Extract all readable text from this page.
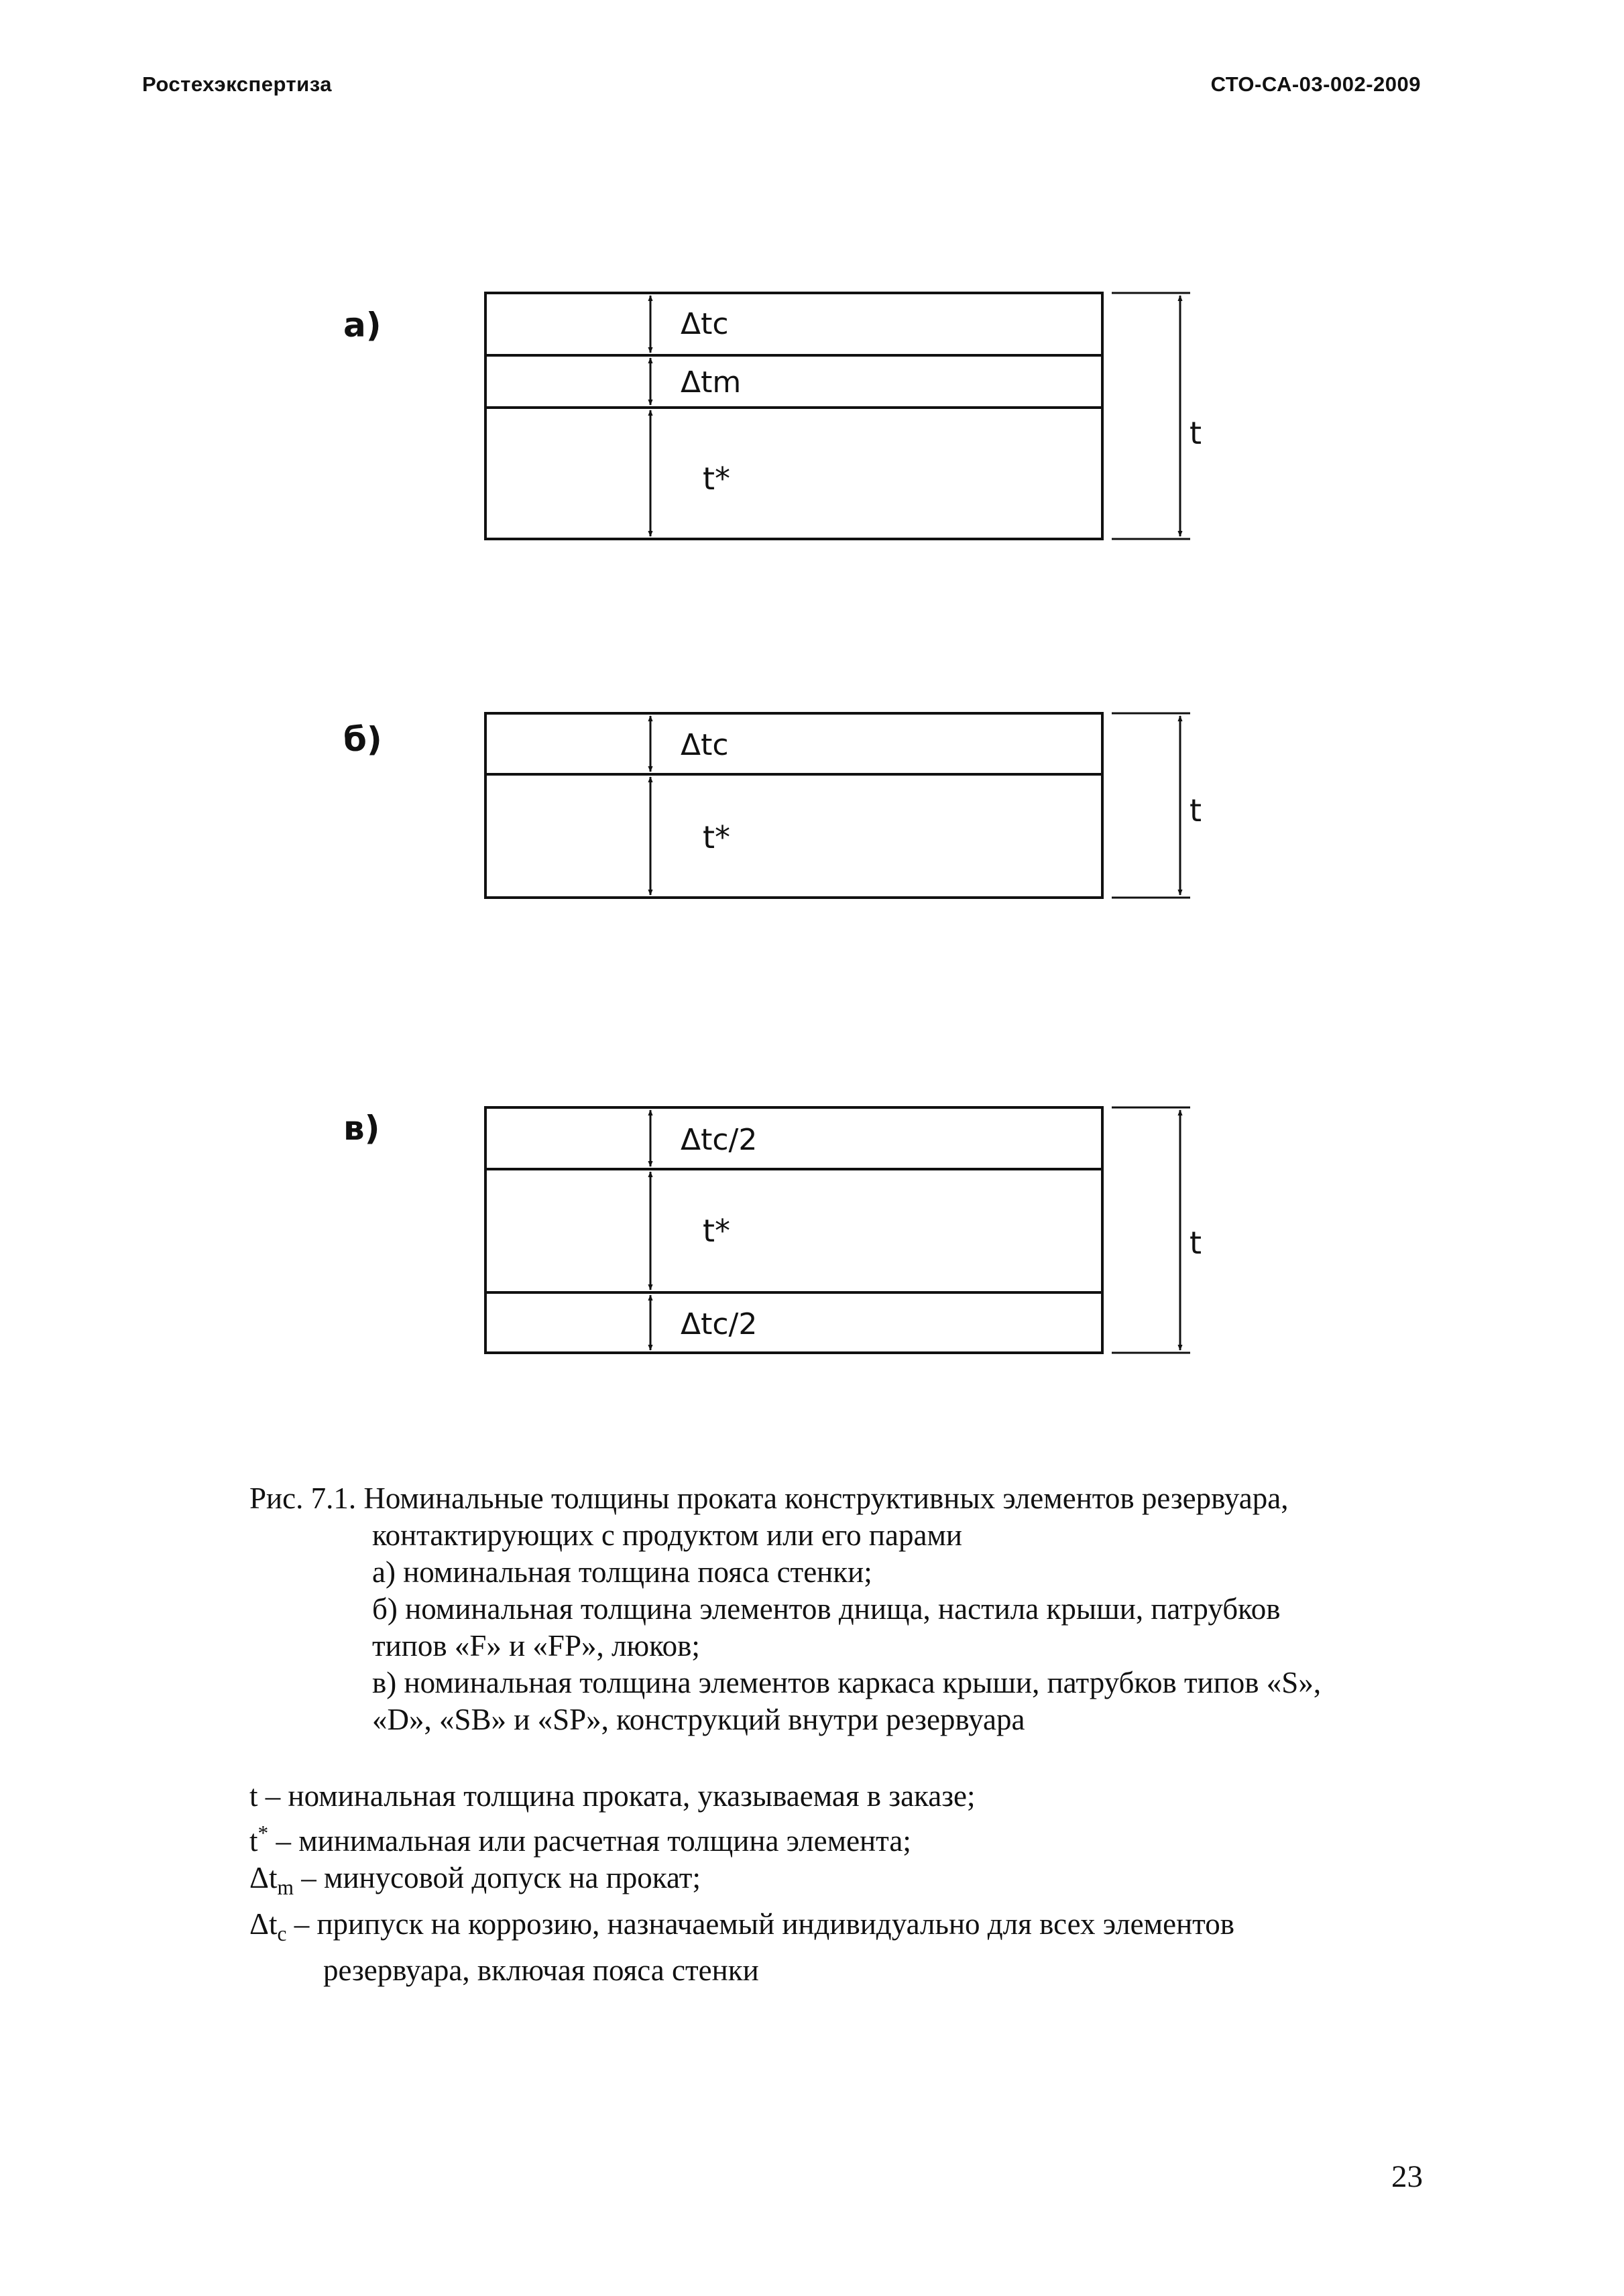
Ростехэкспертиза	СТО-СА-03-002-2009
а)	Δtc
Δtm
t*
t
б)	Δtc
t*
t
в)	Δtc/2
t*
Δtc/2
t

Рис. 7.1. Номинальные толщины проката конструктивных элементов резервуара,

контактирующих с продуктом или его парами

а) номинальная толщина пояса стенки;

б) номинальная толщина элементов днища, настила крыши, патрубков

типов «F» и «FP», люков;

в) номинальная толщина элементов каркаса крыши, патрубков типов «S»,

«D», «SB» и «SP», конструкций внутри резервуара

t – номинальная толщина проката, указываемая в заказе;

t* – минимальная или расчетная толщина элемента;

$\Delta t_m$ – минусовой допуск на прокат;

$\Delta t_c$ – припуск на коррозию, назначаемый индивидуально для всех элементов

резервуара, включая пояса стенки

23
